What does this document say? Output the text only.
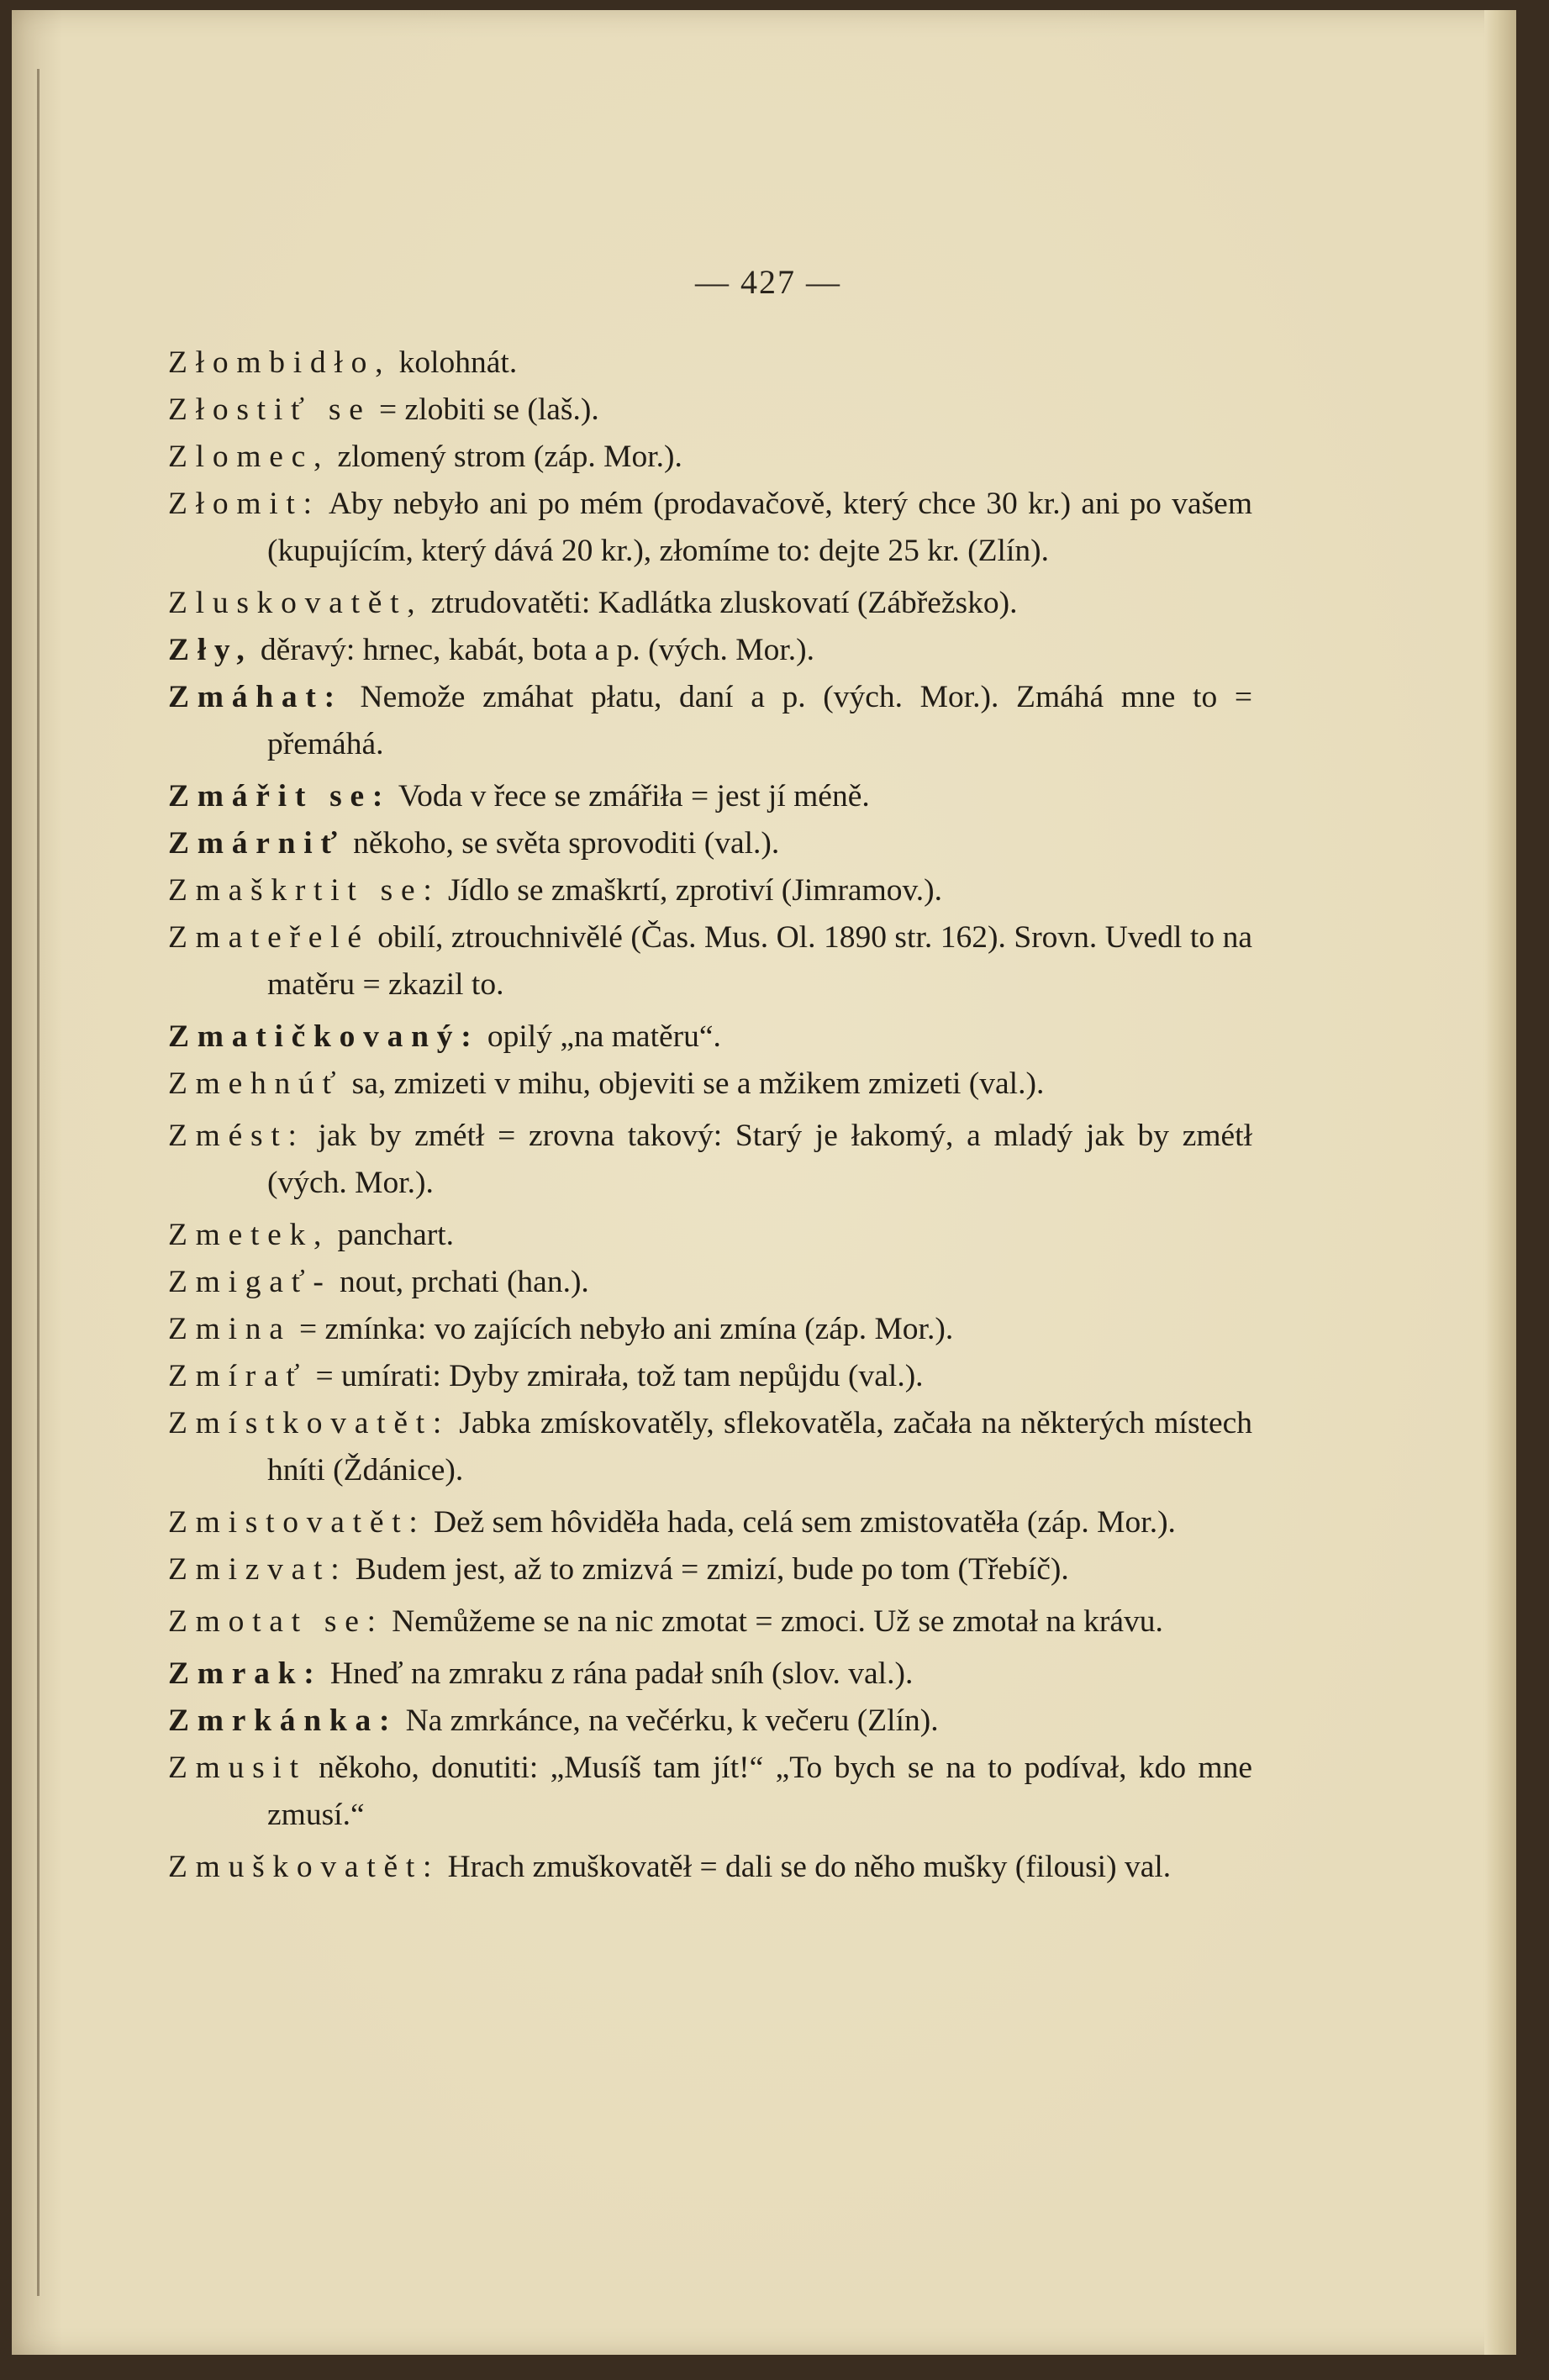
— 427 —

Złombidło, kolohnát.

Złostiť se = zlobiti se (laš.).

Zlomec, zlomený strom (záp. Mor.).

Złomit: Aby nebyło ani po mém (prodavačově, který chce 30 kr.) ani po vašem (kupujícím, který dává 20 kr.), złomíme to: dejte 25 kr. (Zlín).

Zluskovatět, ztrudovatěti: Kadlátka zluskovatí (Zábřežsko).

Zły, děravý: hrnec, kabát, bota a p. (vých. Mor.).

Zmáhat: Nemože zmáhat płatu, daní a p. (vých. Mor.). Zmáhá mne to = přemáhá.

Zmářit se: Voda v řece se zmářiła = jest jí méně.

Zmárniť někoho, se světa sprovoditi (val.).

Zmaškrtit se: Jídlo se zmaškrtí, zprotiví (Jimramov.).

Zmateřelé obilí, ztrouchnivělé (Čas. Mus. Ol. 1890 str. 162). Srovn. Uvedl to na matěru = zkazil to.

Zmatičkovaný: opilý „na matěru“.

Zmehnúť sa, zmizeti v mihu, objeviti se a mžikem zmizeti (val.).

Zmést: jak by zmétł = zrovna takový: Starý je łakomý, a mladý jak by zmétł (vých. Mor.).

Zmetek, panchart.

Zmigať- nout, prchati (han.).

Zmina = zmínka: vo zajících nebyło ani zmína (záp. Mor.).

Zmírať = umírati: Dyby zmirała, tož tam nepůjdu (val.).

Zmístkovatět: Jabka zmískovatěly, sflekovatěla, začała na některých místech hníti (Ždánice).

Zmistovatět: Dež sem hôviděła hada, celá sem zmistovatěła (záp. Mor.).

Zmizvat: Budem jest, až to zmizvá = zmizí, bude po tom (Třebíč).

Zmotat se: Nemůžeme se na nic zmotat = zmoci. Už se zmotał na krávu.

Zmrak: Hneď na zmraku z rána padał sníh (slov. val.).

Zmrkánka: Na zmrkánce, na večérku, k večeru (Zlín).

Zmusit někoho, donutiti: „Musíš tam jít!“ „To bych se na to podívał, kdo mne zmusí.“

Zmuškovatět: Hrach zmuškovatěł = dali se do něho mušky (filousi) val.
